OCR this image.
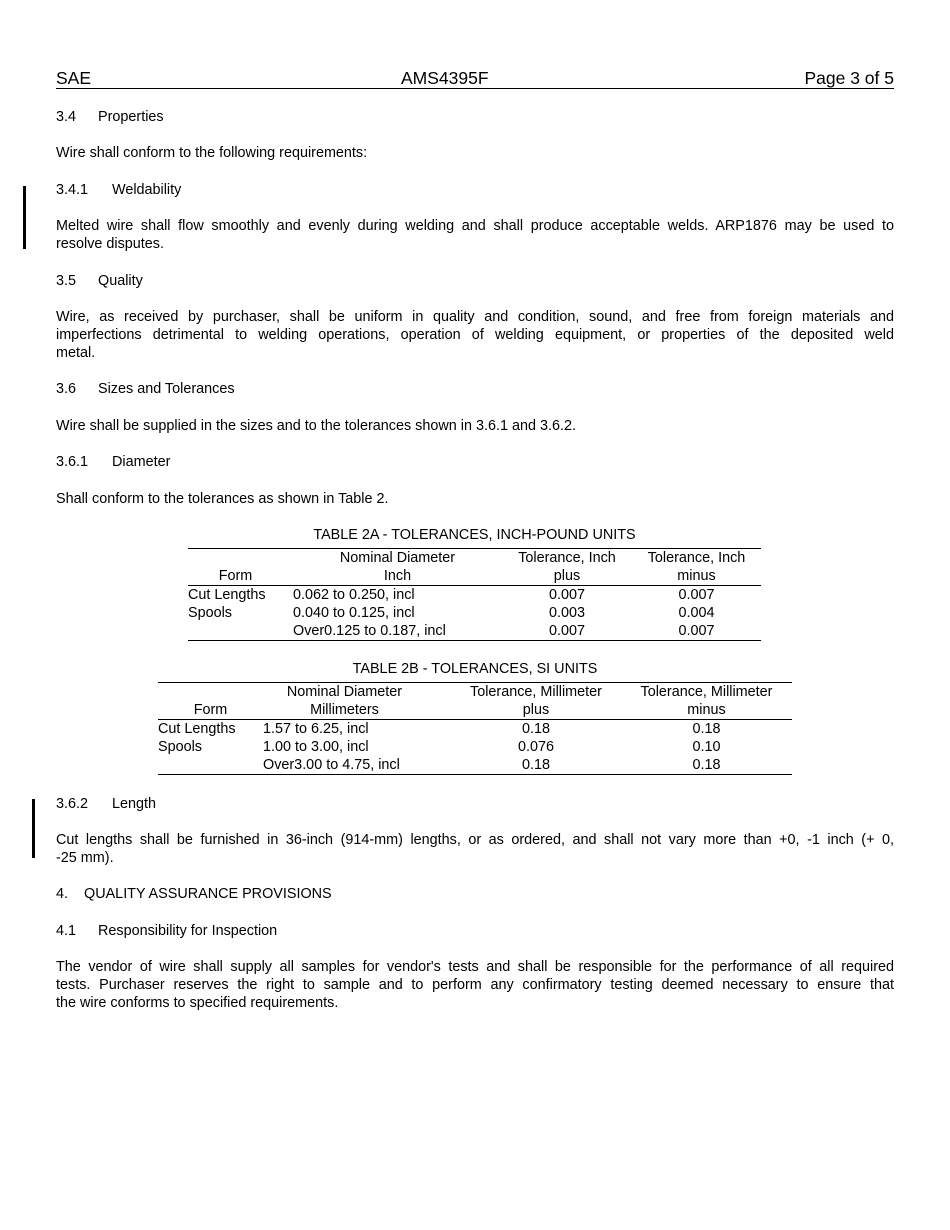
SAE	AMS4395F	Page 3 of 5
3.4 Properties
Wire shall conform to the following requirements:
3.4.1 Weldability
Melted wire shall flow smoothly and evenly during welding and shall produce acceptable welds. ARP1876 may be used to
resolve disputes.
3.5 Quality
Wire, as received by purchaser, shall be uniform in quality and condition, sound, and free from foreign materials and
imperfections detrimental to welding operations, operation of welding equipment, or properties of the deposited weld
metal.
3.6 Sizes and Tolerances
Wire shall be supplied in the sizes and to the tolerances shown in 3.6.1 and 3.6.2.
3.6.1 Diameter
Shall conform to the tolerances as shown in Table 2.
TABLE 2A - TOLERANCES, INCH-POUND UNITS
	Nominal Diameter	Tolerance, Inch	Tolerance, Inch
Form	Inch	plus	minus
Cut Lengths	0.062 to 0.250, incl	0.007	0.007
Spools	0.040 to 0.125, incl	0.003	0.004
	Over0.125 to 0.187, incl	0.007	0.007
TABLE 2B - TOLERANCES, SI UNITS
	Nominal Diameter	Tolerance, Millimeter	Tolerance, Millimeter
Form	Millimeters	plus	minus
Cut Lengths	1.57 to 6.25, incl	0.18	0.18
Spools	1.00 to 3.00, incl	0.076	0.10
	Over3.00 to 4.75, incl	0.18	0.18
3.6.2 Length
Cut lengths shall be furnished in 36-inch (914-mm) lengths, or as ordered, and shall not vary more than +0, -1 inch (+ 0,
-25 mm).
4. QUALITY ASSURANCE PROVISIONS
4.1 Responsibility for Inspection
The vendor of wire shall supply all samples for vendor's tests and shall be responsible for the performance of all required
tests. Purchaser reserves the right to sample and to perform any confirmatory testing deemed necessary to ensure that
the wire conforms to specified requirements.
